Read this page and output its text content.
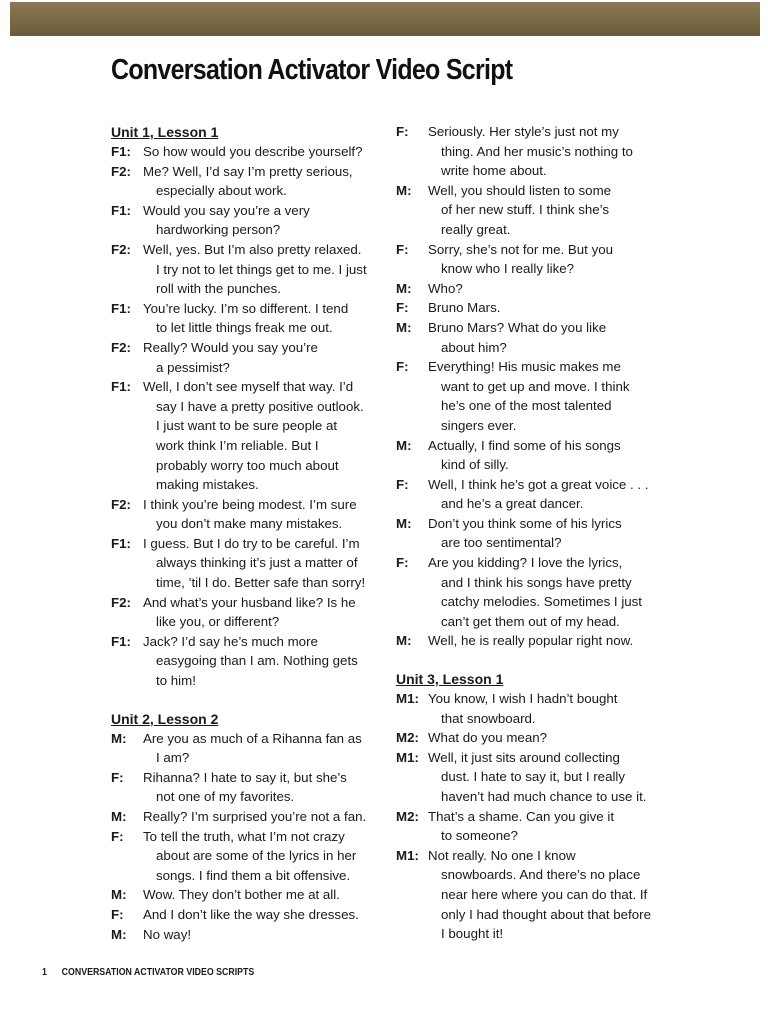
Conversation Activator Video Script
Unit 1, Lesson 1
F1: So how would you describe yourself?
F2: Me? Well, I’d say I’m pretty serious,
especially about work.
F1: Would you say you’re a very
hardworking person?
F2: Well, yes. But I’m also pretty relaxed.
I try not to let things get to me. I just
roll with the punches.
F1: You’re lucky. I’m so different. I tend
to let little things freak me out.
F2: Really? Would you say you’re
a pessimist?
F1: Well, I don’t see myself that way. I’d
say I have a pretty positive outlook.
I just want to be sure people at
work think I’m reliable. But I
probably worry too much about
making mistakes.
F2: I think you’re being modest. I’m sure
you don’t make many mistakes.
F1: I guess. But I do try to be careful. I’m
always thinking it’s just a matter of
time, ’til I do. Better safe than sorry!
F2: And what’s your husband like? Is he
like you, or different?
F1: Jack? I’d say he’s much more
easygoing than I am. Nothing gets
to him!
Unit 2, Lesson 2
M:	Are you as much of a Rihanna fan as
I am?
F:	Rihanna? I hate to say it, but she’s
not one of my favorites.
M:	Really? I’m surprised you’re not a fan.
F:	To tell the truth, what I’m not crazy
about are some of the lyrics in her
songs. I find them a bit offensive.
M:	Wow. They don’t bother me at all.
F:	And I don’t like the way she dresses.
M:	No way!
F:	Seriously. Her style’s just not my
thing. And her music’s nothing to
write home about.
M:	Well, you should listen to some
of her new stuff. I think she’s
really great.
F:	Sorry, she’s not for me. But you
know who I really like?
M:	Who?
F:	Bruno Mars.
M:	Bruno Mars? What do you like
about him?
F:	Everything! His music makes me
want to get up and move. I think
he’s one of the most talented
singers ever.
M:	Actually, I find some of his songs
kind of silly.
F:	Well, I think he’s got a great voice . . .
and he’s a great dancer.
M:	Don’t you think some of his lyrics
are too sentimental?
F:	Are you kidding? I love the lyrics,
and I think his songs have pretty
catchy melodies. Sometimes I just
can’t get them out of my head.
M:	Well, he is really popular right now.
Unit 3, Lesson 1
M1: You know, I wish I hadn’t bought
that snowboard.
M2: What do you mean?
M1: Well, it just sits around collecting
dust. I hate to say it, but I really
haven’t had much chance to use it.
M2: That’s a shame. Can you give it
to someone?
M1: Not really. No one I know
snowboards. And there’s no place
near here where you can do that. If
only I had thought about that before
I bought it!
1 CONVERSATION ACTIVATOR VIDEO SCRIPTS
